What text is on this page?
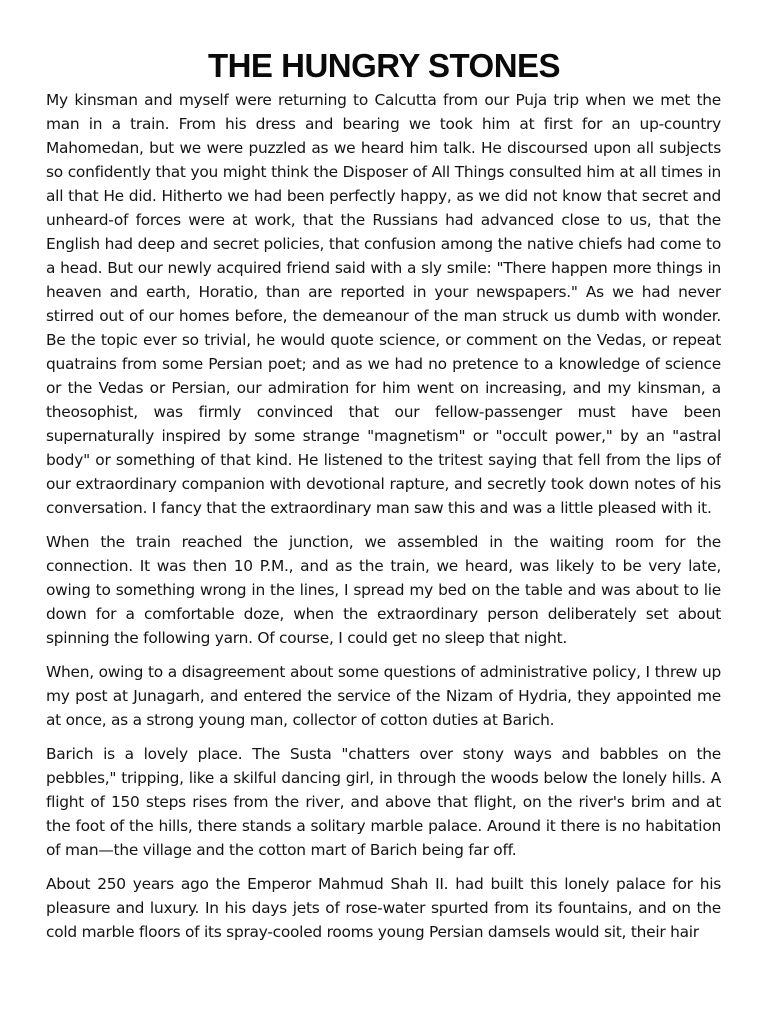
THE HUNGRY STONES

My kinsman and myself were returning to Calcutta from our Puja trip when we met the man in a train. From his dress and bearing we took him at first for an up-country Mahomedan, but we were puzzled as we heard him talk. He discoursed upon all subjects so confidently that you might think the Disposer of All Things consulted him at all times in all that He did. Hitherto we had been perfectly happy, as we did not know that secret and unheard-of forces were at work, that the Russians had advanced close to us, that the English had deep and secret policies, that confusion among the native chiefs had come to a head. But our newly acquired friend said with a sly smile: "There happen more things in heaven and earth, Horatio, than are reported in your newspapers." As we had never stirred out of our homes before, the demeanour of the man struck us dumb with wonder. Be the topic ever so trivial, he would quote science, or comment on the Vedas, or repeat quatrains from some Persian poet; and as we had no pretence to a knowledge of science or the Vedas or Persian, our admiration for him went on increasing, and my kinsman, a theosophist, was firmly convinced that our fellow-passenger must have been supernaturally inspired by some strange "magnetism" or "occult power," by an "astral body" or something of that kind. He listened to the tritest saying that fell from the lips of our extraordinary companion with devotional rapture, and secretly took down notes of his conversation. I fancy that the extraordinary man saw this and was a little pleased with it.

When the train reached the junction, we assembled in the waiting room for the connection. It was then 10 P.M., and as the train, we heard, was likely to be very late, owing to something wrong in the lines, I spread my bed on the table and was about to lie down for a comfortable doze, when the extraordinary person deliberately set about spinning the following yarn. Of course, I could get no sleep that night.

When, owing to a disagreement about some questions of administrative policy, I threw up my post at Junagarh, and entered the service of the Nizam of Hydria, they appointed me at once, as a strong young man, collector of cotton duties at Barich.

Barich is a lovely place. The Susta "chatters over stony ways and babbles on the pebbles," tripping, like a skilful dancing girl, in through the woods below the lonely hills. A flight of 150 steps rises from the river, and above that flight, on the river's brim and at the foot of the hills, there stands a solitary marble palace. Around it there is no habitation of man—the village and the cotton mart of Barich being far off.

About 250 years ago the Emperor Mahmud Shah II. had built this lonely palace for his pleasure and luxury. In his days jets of rose-water spurted from its fountains, and on the cold marble floors of its spray-cooled rooms young Persian damsels would sit, their hair
